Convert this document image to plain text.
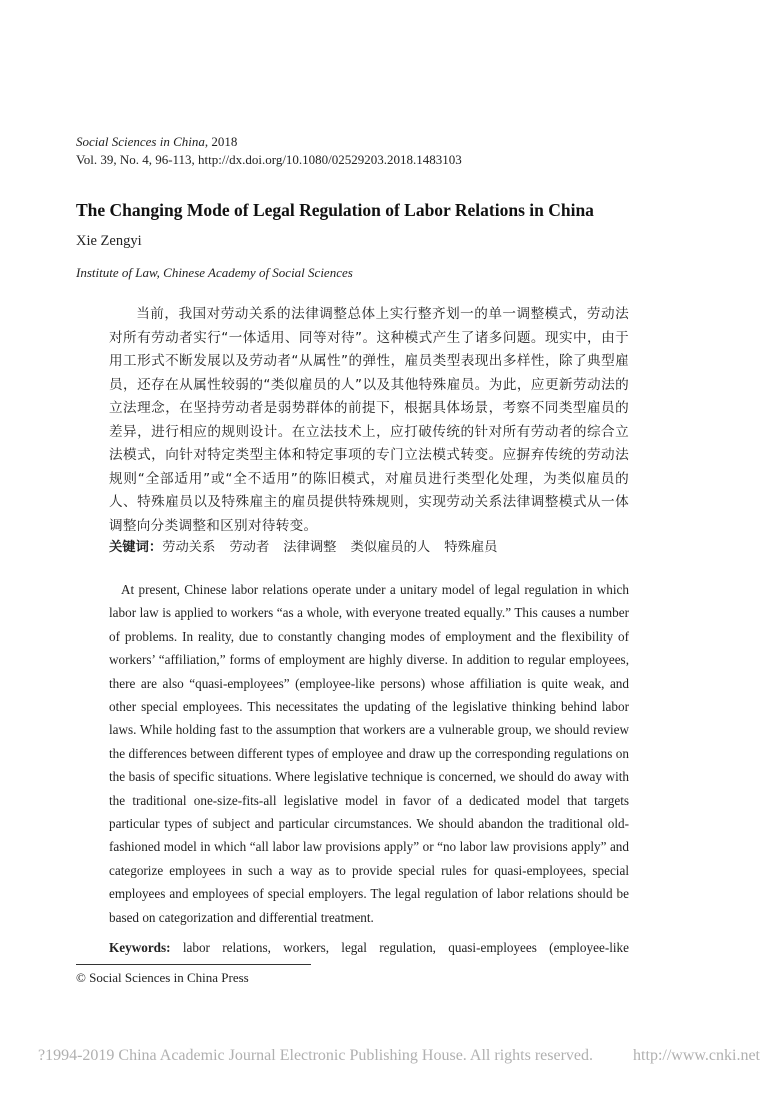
Social Sciences in China, 2018
Vol. 39, No. 4, 96-113, http://dx.doi.org/10.1080/02529203.2018.1483103
The Changing Mode of Legal Regulation of Labor Relations in China
Xie Zengyi
Institute of Law, Chinese Academy of Social Sciences

当前，我国对劳动关系的法律调整总体上实行整齐划一的单一调整模式，劳动法对所有劳动者实行“一体适用、同等对待”。这种模式产生了诸多问题。现实中，由于用工形式不断发展以及劳动者“从属性”的弹性，雇员类型表现出多样性，除了典型雇员，还存在从属性较弱的“类似雇员的人”以及其他特殊雇员。为此，应更新劳动法的立法理念，在坚持劳动者是弱势群体的前提下，根据具体场景，考察不同类型雇员的差异，进行相应的规则设计。在立法技术上，应打破传统的针对所有劳动者的综合立法模式，向针对特定类型主体和特定事项的专门立法模式转变。应摒弃传统的劳动法规则“全部适用”或“全不适用”的陈旧模式，对雇员进行类型化处理，为类似雇员的人、特殊雇员以及特殊雇主的雇员提供特殊规则，实现劳动关系法律调整模式从一体调整向分类调整和区别对待转变。

关键词：劳动关系 劳动者 法律调整 类似雇员的人 特殊雇员

At present, Chinese labor relations operate under a unitary model of legal regulation in which labor law is applied to workers “as a whole, with everyone treated equally.” This causes a number of problems. In reality, due to constantly changing modes of employment and the flexibility of workers’ “affiliation,” forms of employment are highly diverse. In addition to regular employees, there are also “quasi-employees” (employee-like persons) whose affiliation is quite weak, and other special employees. This necessitates the updating of the legislative thinking behind labor laws. While holding fast to the assumption that workers are a vulnerable group, we should review the differences between different types of employee and draw up the corresponding regulations on the basis of specific situations. Where legislative technique is concerned, we should do away with the traditional one-size-fits-all legislative model in favor of a dedicated model that targets particular types of subject and particular circumstances. We should abandon the traditional old-fashioned model in which “all labor law provisions apply” or “no labor law provisions apply” and categorize employees in such a way as to provide special rules for quasi-employees, special employees and employees of special employers. The legal regulation of labor relations should be based on categorization and differential treatment.

Keywords: labor relations, workers, legal regulation, quasi-employees (employee-like
© Social Sciences in China Press
?1994-2019 China Academic Journal Electronic Publishing House. All rights reserved.	http://www.cnki.net
